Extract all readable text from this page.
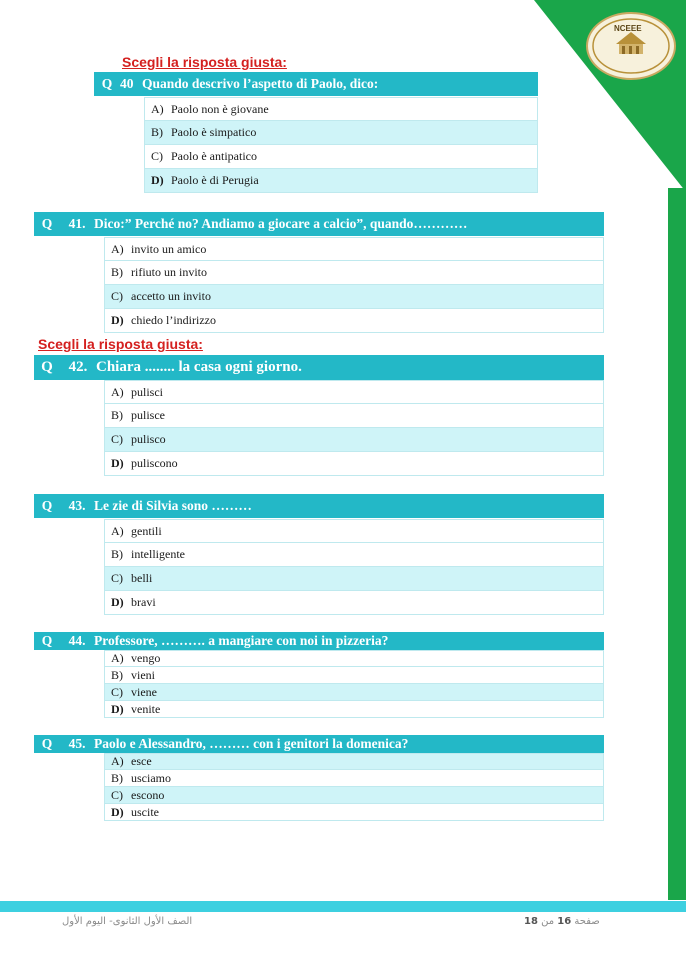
NCEEE
Scegli la risposta giusta:
Scegli la risposta giusta:
Q 40 Quando descrivo l’aspetto di Paolo, dico:
A) Paolo non è giovane
B) Paolo è simpatico
C) Paolo è antipatico
D) Paolo è di Perugia
Q	41. Dico:” Perché no? Andiamo a giocare a calcio”, quando…………
A) invito un amico
B) rifiuto un invito
C) accetto un invito
D) chiedo l’indirizzo
Q	42. Chiara ........ la casa ogni giorno.
A) pulisci
B) pulisce
C) pulisco
D) puliscono
Q	43. Le zie di Silvia sono ………
A) gentili
B) intelligente
C) belli
D) bravi
Q	44. Professore, ………. a mangiare con noi in pizzeria?
A) vengo
B) vieni
C) viene
D) venite
Q	45. Paolo e Alessandro, ……… con i genitori la domenica?
A) esce
B) usciamo
C) escono
D) uscite
الصف الأول الثانوى- اليوم الأول	صفحة 16 من 18
